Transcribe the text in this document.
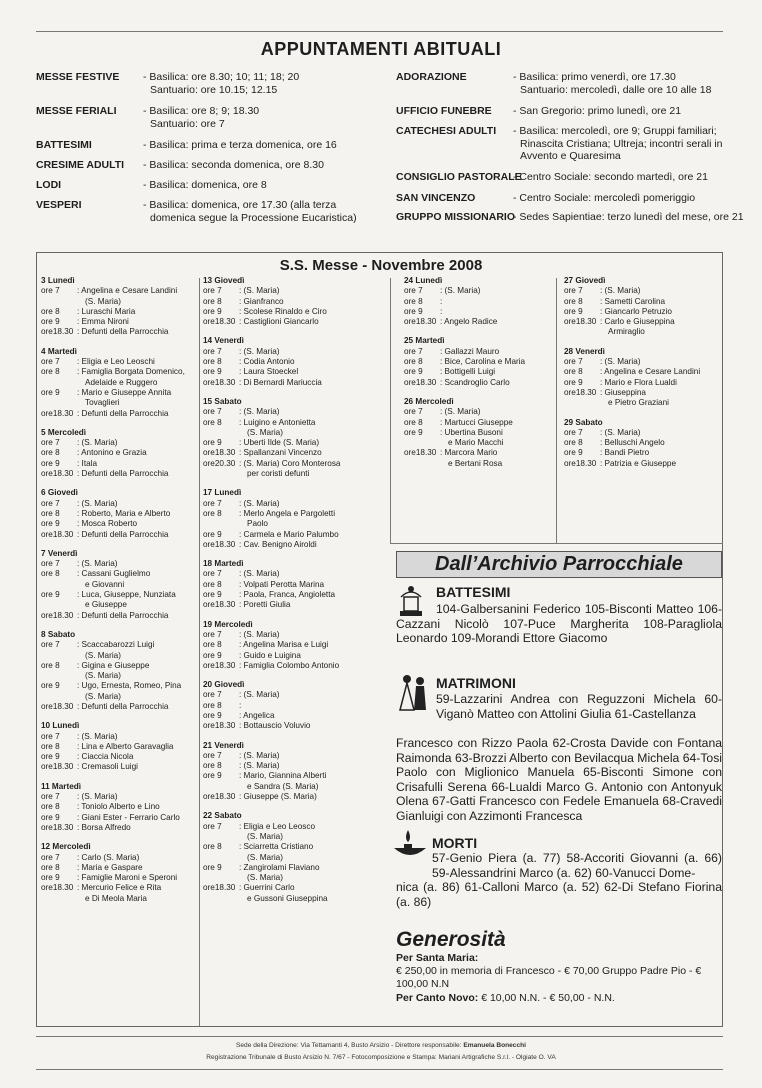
APPUNTAMENTI ABITUALI
MESSE FESTIVE - Basilica: ore 8.30; 10; 11; 18; 20
Santuario: ore 10.15; 12.15
MESSE FERIALI	- Basilica: ore 8; 9; 18.30
Santuario: ore 7
BATTESIMI	- Basilica: prima e terza domenica, ore 16
CRESIME ADULTI - Basilica: seconda domenica, ore 8.30
LODI	- Basilica: domenica, ore 8
VESPERI	- Basilica: domenica, ore 17.30 (alla terza
domenica segue la Processione Eucaristica)
ADORAZIONE	- Basilica: primo venerdì, ore 17.30
Santuario: mercoledì, dalle ore 10 alle 18
UFFICIO FUNEBRE - San Gregorio: primo lunedì, ore 21
CATECHESI ADULTI - Basilica: mercoledì, ore 9; Gruppi familiari;
Rinascita Cristiana; Ultreja; incontri serali in
Avvento e Quaresima
CONSIGLIO PASTORALE
- Centro Sociale: secondo martedì, ore 21
SAN VINCENZO	- Centro Sociale: mercoledì pomeriggio
GRUPPO MISSIONARIO
- Sedes Sapientiae: terzo lunedì del mese, ore 21
S.S. Messe - Novembre 2008
3 Lunedì
ore 7	: Angelina e Cesare Landini
(S. Maria)
ore 8	: Luraschi Maria
ore 9	: Emma Nironi
ore18.30 : Defunti della Parrocchia
4 Martedì
ore 7	: Eligia e Leo Leoschi
ore 8	: Famiglia Borgata Domenico,
Adelaide e Ruggero
ore 9	: Mario e Giuseppe Annita
Tovaglieri
ore18.30 : Defunti della Parrocchia
5 Mercoledì
ore 7	: (S. Maria)
ore 8	: Antonino e Grazia
ore 9	: Itala
ore18.30 : Defunti della Parrocchia
6 Giovedì
ore 7	: (S. Maria)
ore 8	: Roberto, Maria e Alberto
ore 9	: Mosca Roberto
ore18.30 : Defunti della Parrocchia
7 Venerdì
ore 7	: (S. Maria)
ore 8	: Cassani Guglielmo
e Giovanni
ore 9	: Luca, Giuseppe, Nunziata
e Giuseppe
ore18.30 : Defunti della Parrocchia
8 Sabato
ore 7	: Scaccabarozzi Luigi
(S. Maria)
ore 8	: Gigina e Giuseppe
(S. Maria)
ore 9	: Ugo, Ernesta, Romeo, Pina
(S. Maria)
ore18.30 : Defunti della Parrocchia
10 Lunedì
ore 7	: (S. Maria)
ore 8	: Lina e Alberto Garavaglia
ore 9	: Ciaccia Nicola
ore18.30 : Cremasoli Luigi
11 Martedì
ore 7	: (S. Maria)
ore 8	: Toniolo Alberto e Lino
ore 9	: Giani Ester - Ferrario Carlo
ore18.30 : Borsa Alfredo
12 Mercoledì
ore 7	: Carlo (S. Maria)
ore 8	: Maria e Gaspare
ore 9	: Famiglie Maroni e Speroni
ore18.30 : Mercurio Felice e Rita
e Di Meola Maria
13 Giovedì
ore 7	: (S. Maria)
ore 8	: Gianfranco
ore 9	: Scolese Rinaldo e Ciro
ore18.30 : Castiglioni Giancarlo
14 Venerdì
ore 7	: (S. Maria)
ore 8	: Codia Antonio
ore 9	: Laura Stoeckel
ore18.30 : Di Bernardi Mariuccia
15 Sabato
ore 7	: (S. Maria)
ore 8	: Luigino e Antonietta
(S. Maria)
ore 9	: Uberti Ilde (S. Maria)
ore18.30 : Spallanzani Vincenzo
ore20.30 : (S. Maria) Coro Monterosa
per coristi defunti
17 Lunedì
ore 7	: (S. Maria)
ore 8	: Merlo Angela e Pargoletti
Paolo
ore 9	: Carmela e Mario Palumbo
ore18.30 : Cav. Benigno Airoldi
18 Martedì
ore 7	: (S. Maria)
ore 8	: Volpati Perotta Marina
ore 9	: Paola, Franca, Angioletta
ore18.30 : Poretti Giulia
19 Mercoledì
ore 7	: (S. Maria)
ore 8	: Angelina Marisa e Luigi
ore 9	: Guido e Luigina
ore18.30 : Famiglia Colombo Antonio
20 Giovedì
ore 7	: (S. Maria)
ore 8	:
ore 9	: Angelica
ore18.30 : Bottauscio Voluvio
21 Venerdì
ore 7	: (S. Maria)
ore 8	: (S. Maria)
ore 9	: Mario, Giannina Alberti
e Sandra (S. Maria)
ore18.30 : Giuseppe (S. Maria)
22 Sabato
ore 7	: Eligia e Leo Leosco
(S. Maria)
ore 8	: Sciarretta Cristiano
(S. Maria)
ore 9	: Zangirolami Flaviano
(S. Maria)
ore18.30 : Guerrini Carlo
e Gussoni Giuseppina
24 Lunedì
ore 7	: (S. Maria)
ore 8	:
ore 9	:
ore18.30 : Angelo Radice
25 Martedì
ore 7	: Gallazzi Mauro
ore 8	: Bice, Carolina e Maria
ore 9	: Bottigelli Luigi
ore18.30 : Scandroglio Carlo
26 Mercoledì
ore 7	: (S. Maria)
ore 8	: Martucci Giuseppe
ore 9	: Ubertina Busoni
e Mario Macchi
ore18.30 : Marcora Mario
e Bertani Rosa
27 Giovedì
ore 7	: (S. Maria)
ore 8	: Sametti Carolina
ore 9	: Giancarlo Petruzio
ore18.30 : Carlo e Giuseppina
Armiraglio
28 Venerdì
ore 7	: (S. Maria)
ore 8	: Angelina e Cesare Landini
ore 9	: Mario e Flora Lualdi
ore18.30 : Giuseppina
e Pietro Graziani
29 Sabato
ore 7	: (S. Maria)
ore 8	: Belluschi Angelo
ore 9	: Bandi Pietro
ore18.30 : Patrizia e Giuseppe
Dall’Archivio Parrocchiale
BATTESIMI
104-Galbersanini Federico 105-Bisconti Matteo 106-Cazzani Nicolò 107-Puce Margherita 108-Paragliola Leonardo 109-Morandi Ettore Giacomo
MATRIMONI
59-Lazzarini Andrea con Reguzzoni Michela 60-Viganò Matteo con Attolini Giulia 61-Castellanza
Francesco con Rizzo Paola 62-Crosta Davide con Fontana Raimonda 63-Brozzi Alberto con Bevilacqua Michela 64-Tosi Paolo con Miglionico Manuela 65-Bisconti Simone con Crisafulli Serena 66-Lualdi Marco G. Antonio con Antonyuk Olena 67-Gatti Francesco con Fedele Emanuela 68-Cravedi Gianluigi con Azzimonti Francesca
MORTI
57-Genio Piera (a. 77) 58-Accoriti Giovanni (a. 66) 59-Alessandrini Marco (a. 62) 60-Vanucci Dome-
nica (a. 86) 61-Calloni Marco (a. 52) 62-Di Stefano Fiorina (a. 86)
Generosità
Per Santa Maria:
€ 250,00 in memoria di Francesco - € 70,00 Gruppo Padre Pio - € 100,00 N.N
Per Canto Novo: € 10,00 N.N. - € 50,00 - N.N.
Sede della Direzione: Via Tettamanti 4, Busto Arsizio - Direttore responsabile: Emanuela Bonecchi
Registrazione Tribunale di Busto Arsizio N. 7/67 - Fotocomposizione e Stampa: Mariani Artigrafiche S.r.l. - Olgiate O. VA
